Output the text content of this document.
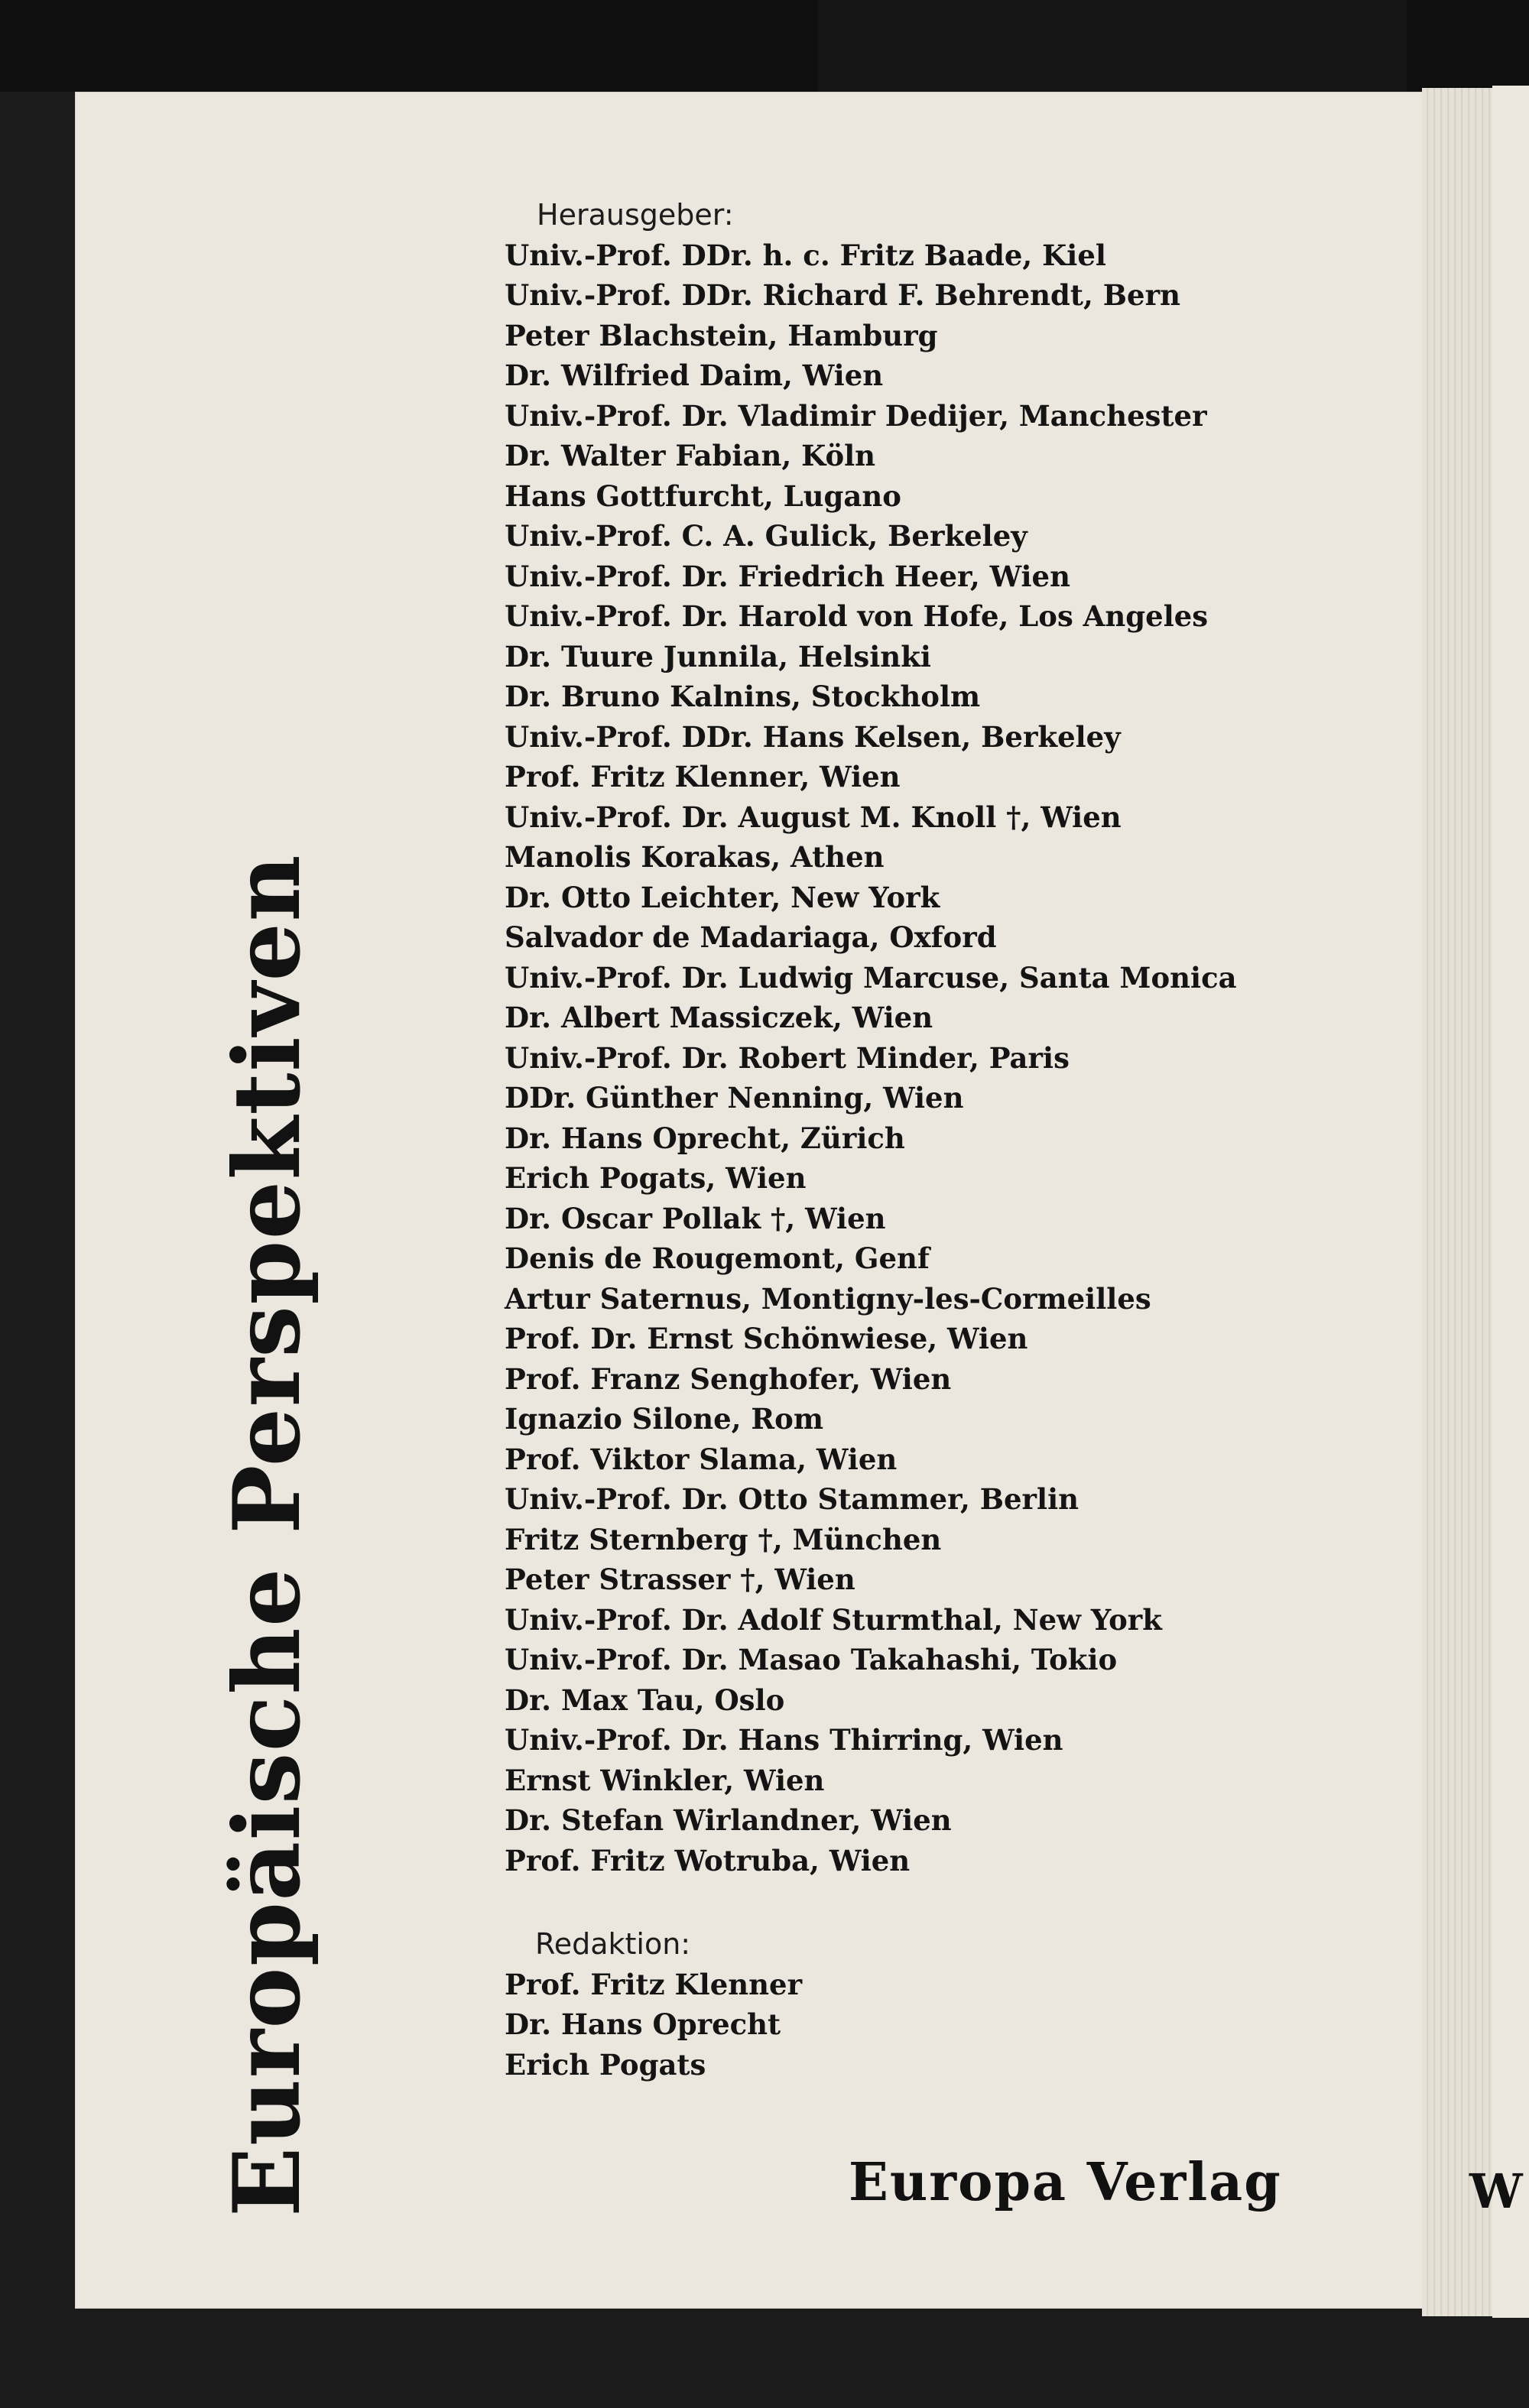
W
Europäische Perspektiven
Herausgeber:
Univ.-Prof. DDr. h. c. Fritz Baade, Kiel
Univ.-Prof. DDr. Richard F. Behrendt, Bern
Peter Blachstein, Hamburg
Dr. Wilfried Daim, Wien
Univ.-Prof. Dr. Vladimir Dedijer, Manchester
Dr. Walter Fabian, Köln
Hans Gottfurcht, Lugano
Univ.-Prof. C. A. Gulick, Berkeley
Univ.-Prof. Dr. Friedrich Heer, Wien
Univ.-Prof. Dr. Harold von Hofe, Los Angeles
Dr. Tuure Junnila, Helsinki
Dr. Bruno Kalnins, Stockholm
Univ.-Prof. DDr. Hans Kelsen, Berkeley
Prof. Fritz Klenner, Wien
Univ.-Prof. Dr. August M. Knoll †, Wien
Manolis Korakas, Athen
Dr. Otto Leichter, New York
Salvador de Madariaga, Oxford
Univ.-Prof. Dr. Ludwig Marcuse, Santa Monica
Dr. Albert Massiczek, Wien
Univ.-Prof. Dr. Robert Minder, Paris
DDr. Günther Nenning, Wien
Dr. Hans Oprecht, Zürich
Erich Pogats, Wien
Dr. Oscar Pollak †, Wien
Denis de Rougemont, Genf
Artur Saternus, Montigny-les-Cormeilles
Prof. Dr. Ernst Schönwiese, Wien
Prof. Franz Senghofer, Wien
Ignazio Silone, Rom
Prof. Viktor Slama, Wien
Univ.-Prof. Dr. Otto Stammer, Berlin
Fritz Sternberg †, München
Peter Strasser †, Wien
Univ.-Prof. Dr. Adolf Sturmthal, New York
Univ.-Prof. Dr. Masao Takahashi, Tokio
Dr. Max Tau, Oslo
Univ.-Prof. Dr. Hans Thirring, Wien
Ernst Winkler, Wien
Dr. Stefan Wirlandner, Wien
Prof. Fritz Wotruba, Wien
Redaktion:
Prof. Fritz Klenner
Dr. Hans Oprecht
Erich Pogats
Europa Verlag
